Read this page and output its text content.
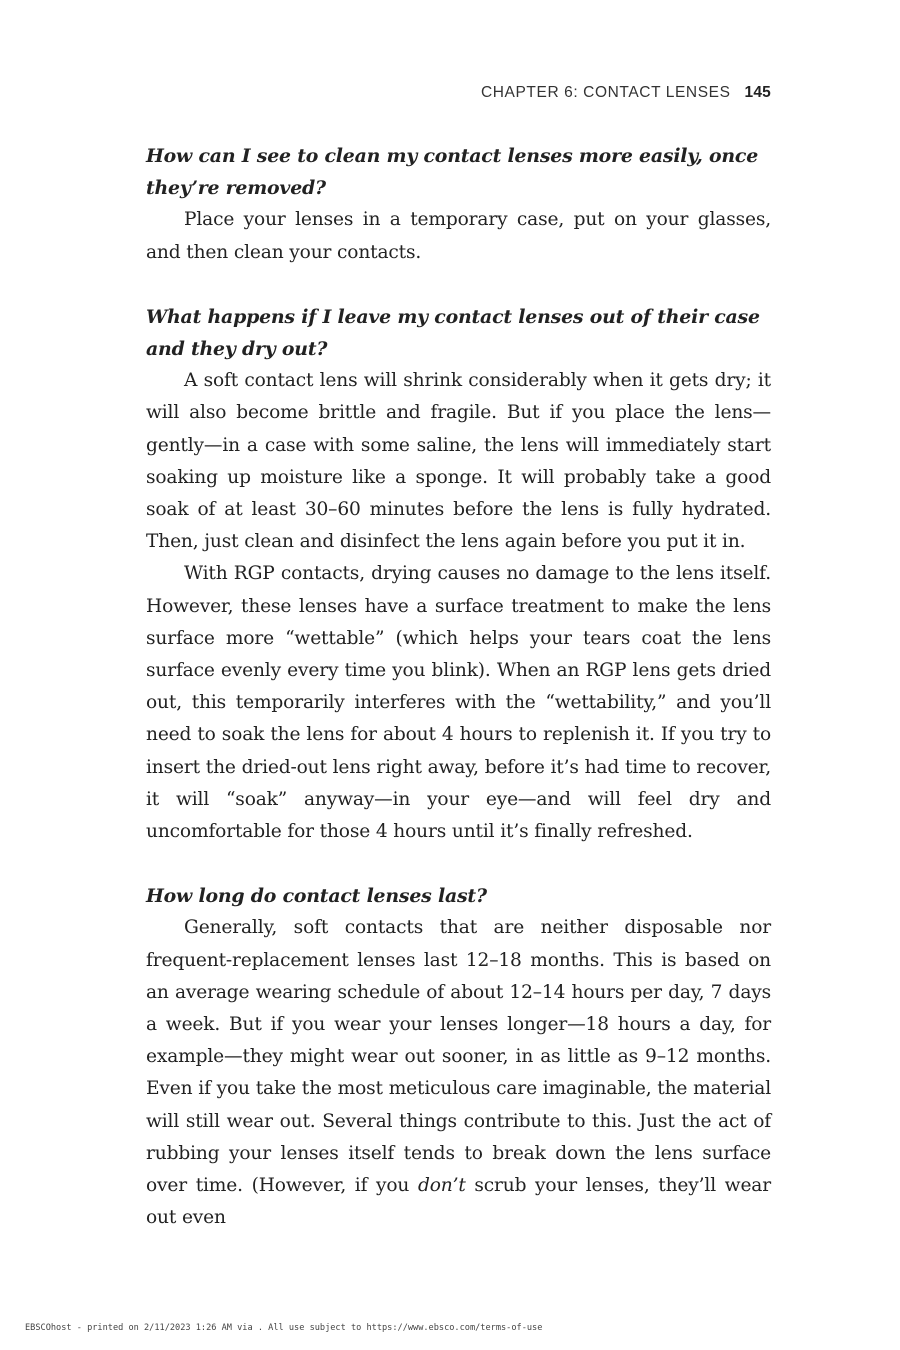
CHAPTER 6: CONTACT LENSES 145

How can I see to clean my contact lenses more easily, once they’re removed?

Place your lenses in a temporary case, put on your glasses, and then clean your contacts.

What happens if I leave my contact lenses out of their case and they dry out?

A soft contact lens will shrink considerably when it gets dry; it will also become brittle and fragile. But if you place the lens—gently—in a case with some saline, the lens will immediately start soaking up moisture like a sponge. It will probably take a good soak of at least 30–60 minutes before the lens is fully hydrated. Then, just clean and disinfect the lens again before you put it in.

With RGP contacts, drying causes no damage to the lens itself. However, these lenses have a surface treatment to make the lens surface more “wettable” (which helps your tears coat the lens surface evenly every time you blink). When an RGP lens gets dried out, this temporarily interferes with the “wettability,” and you’ll need to soak the lens for about 4 hours to replenish it. If you try to insert the dried-out lens right away, before it’s had time to recover, it will “soak” anyway—in your eye—and will feel dry and uncomfortable for those 4 hours until it’s finally refreshed.

How long do contact lenses last?

Generally, soft contacts that are neither disposable nor frequent-replacement lenses last 12–18 months. This is based on an average wearing schedule of about 12–14 hours per day, 7 days a week. But if you wear your lenses longer—18 hours a day, for example—they might wear out sooner, in as little as 9–12 months. Even if you take the most meticulous care imaginable, the material will still wear out. Several things contribute to this. Just the act of rubbing your lenses itself tends to break down the lens surface over time. (However, if you don’t scrub your lenses, they’ll wear out even

EBSCOhost - printed on 2/11/2023 1:26 AM via . All use subject to https://www.ebsco.com/terms-of-use
